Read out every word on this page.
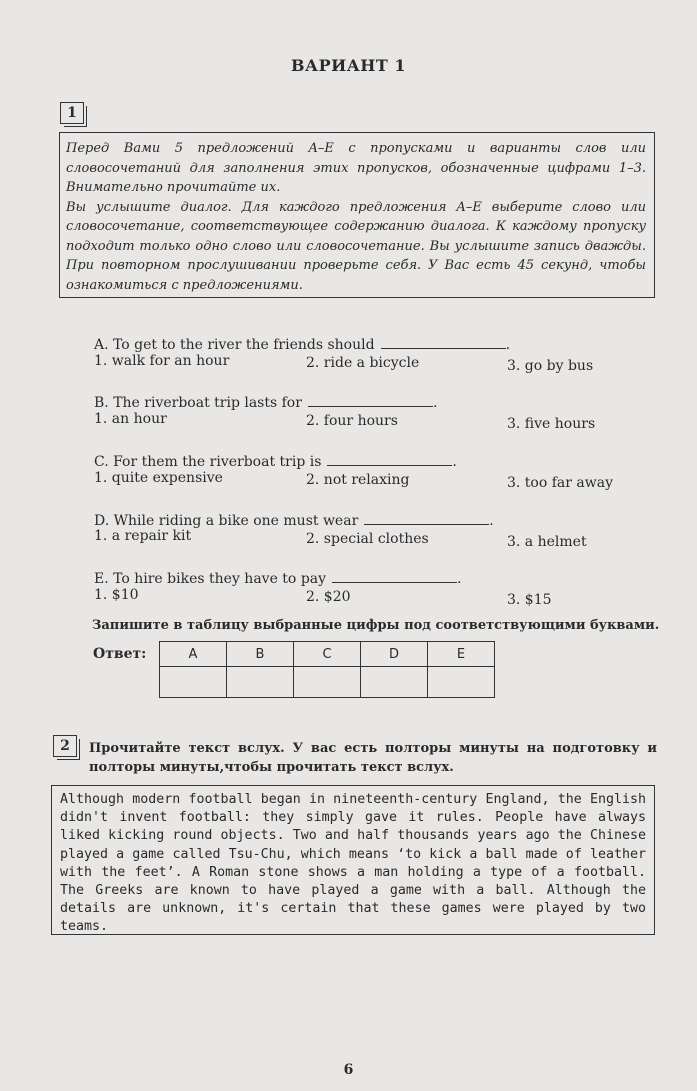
ВАРИАНТ 1
1

Перед Вами 5 предложений A–E с пропусками и варианты слов или словосочетаний для заполнения этих пропусков, обозначенные цифрами 1–3. Внимательно прочитайте их.

Вы услышите диалог. Для каждого предложения A–E выберите слово или словосочетание, соответствующее содержанию диалога. К каждому пропуску подходит только одно слово или словосочетание. Вы услышите запись дважды. При повторном прослушивании проверьте себя. У Вас есть 45 секунд, чтобы ознакомиться с предложениями.

A. To get to the river the friends should	.
1. walk for an hour	2. ride a bicycle	3. go by bus
B. The riverboat trip lasts for	.
1. an hour	2. four hours	3. five hours
C. For them the riverboat trip is	.
1. quite expensive	2. not relaxing	3. too far away
D. While riding a bike one must wear	.
1. a repair kit	2. special clothes	3. a helmet
E. To hire bikes they have to pay	.
1. $10	2. $20	3. $15
Запишите в таблицу выбранные цифры под соответствующими буквами.
Ответ:	A	B	C	D	E

2	Прочитайте текст вслух. У вас есть полторы минуты на подготовку и полторы минуты,чтобы прочитать текст вслух.
Although modern football began in nineteenth-century England, the English didn't invent football: they simply gave it rules. People have always liked kicking round objects. Two and half thousands years ago the Chinese played a game called Tsu-Chu, which means ‘to kick a ball made of leather with the feet’. A Roman stone shows a man holding a type of a football. The Greeks are known to have played a game with a ball. Although the details are unknown, it's certain that these games were played by two teams.
6
